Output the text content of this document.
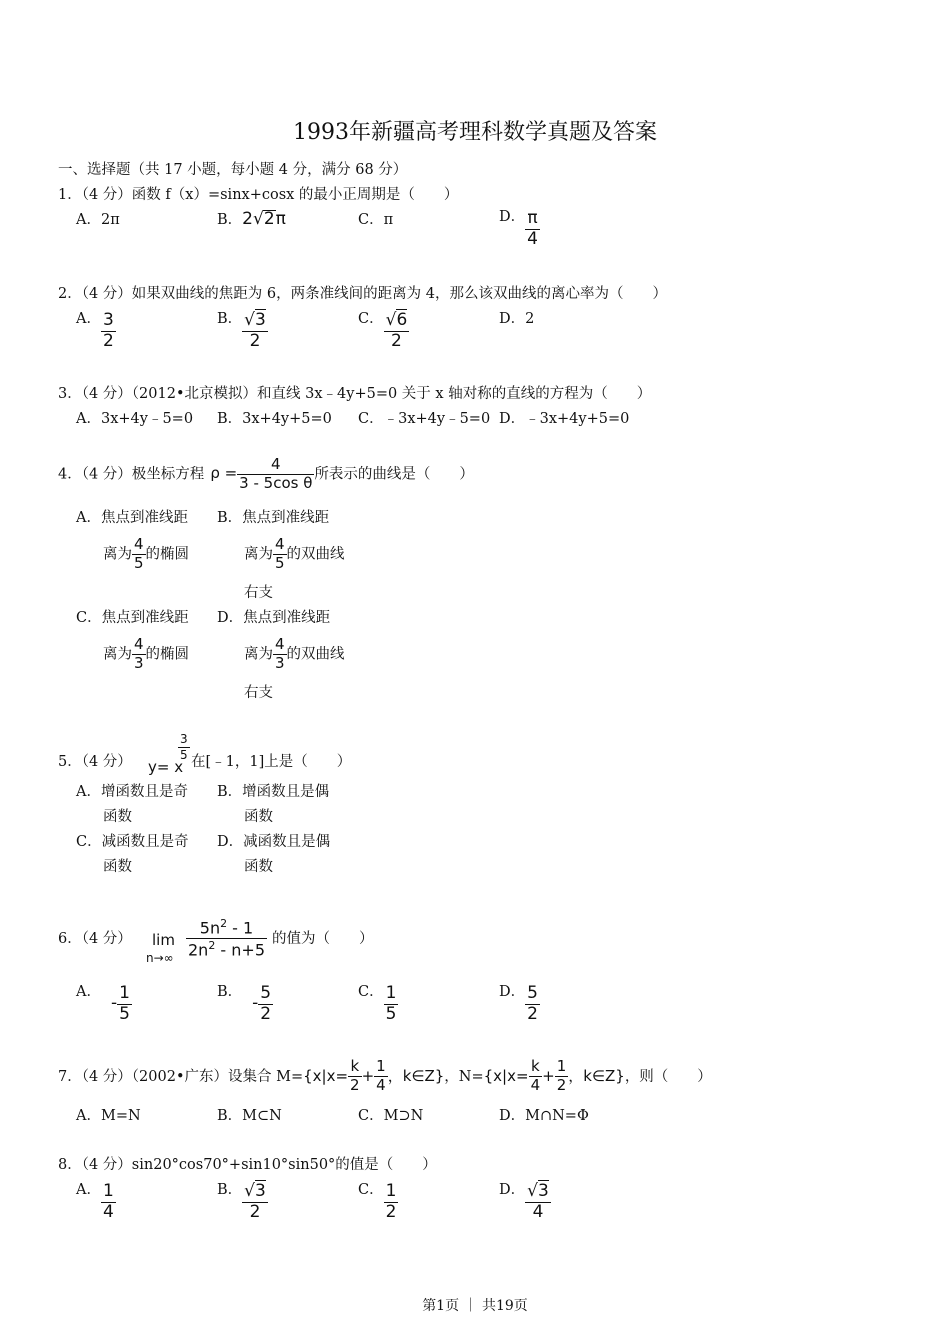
1993年新疆高考理科数学真题及答案
一、选择题（共 17 小题，每小题 4 分，满分 68 分）
1．（4 分）函数 f（x）=sinx+cosx 的最小正周期是（　　）
A．2π	B．2√2π	C．π	D． $\frac{\pi}{4}$
2．（4 分）如果双曲线的焦距为 6，两条准线间的距离为 4，那么该双曲线的离心率为（　　）
A． $\frac{3}{2}$	B． $\frac{√3}{2}$	C． $\frac{√6}{2}$	D．2
3．（4 分）（2012•北京模拟）和直线 3x﹣4y+5=0 关于 x 轴对称的直线的方程为（　　）
A．3x+4y﹣5=0 B．3x+4y+5=0 C．﹣3x+4y﹣5=0 D．﹣3x+4y+5=0
4．（4 分）极坐标方程 $\rho = \frac{4}{\text{3 - 5cos θ}}$ 所表示的曲线是（　　）
A．焦点到准线距
离为 $\frac{4}{5}$ 的椭圆
B．焦点到准线距
离为 $\frac{4}{5}$ 的双曲线
右支
C．焦点到准线距
离为 $\frac{4}{3}$ 的椭圆
D．焦点到准线距
离为 $\frac{4}{3}$ 的双曲线
右支
5．（4 分） y= x
$\frac{3}{5}$
在[﹣1，1]上是（　　）
A．增函数且是奇
函数
B．增函数且是偶
函数
C．减函数且是奇
函数
D．减函数且是偶
函数
6．（4 分） lim
$n\to\infty \frac{5n^2 - 1}{2n^2 - n+5}$ 的值为（　　）
A．- $\frac{1}{5}$	B．- $\frac{5}{2}$	C． $\frac{1}{5}$	D． $\frac{5}{2}$
7．（4 分）（2002•广东）设集合 $M=\{x|x= \frac{k}{2} + \frac{1}{4}$ ，k∈Z}，$N=\{x|x= \frac{k}{4} + \frac{1}{2}$ ，k∈Z}，则（　　）
A．M=N	B．M⊂N	C．M⊃N	D．M∩N=Φ
8．（4 分）sin20°cos70°+sin10°sin50°的值是（　　）
A． $\frac{1}{4}$	B． $\frac{√3}{2}$	C． $\frac{1}{2}$	D． $\frac{√3}{4}$
第1页 ｜ 共19页
